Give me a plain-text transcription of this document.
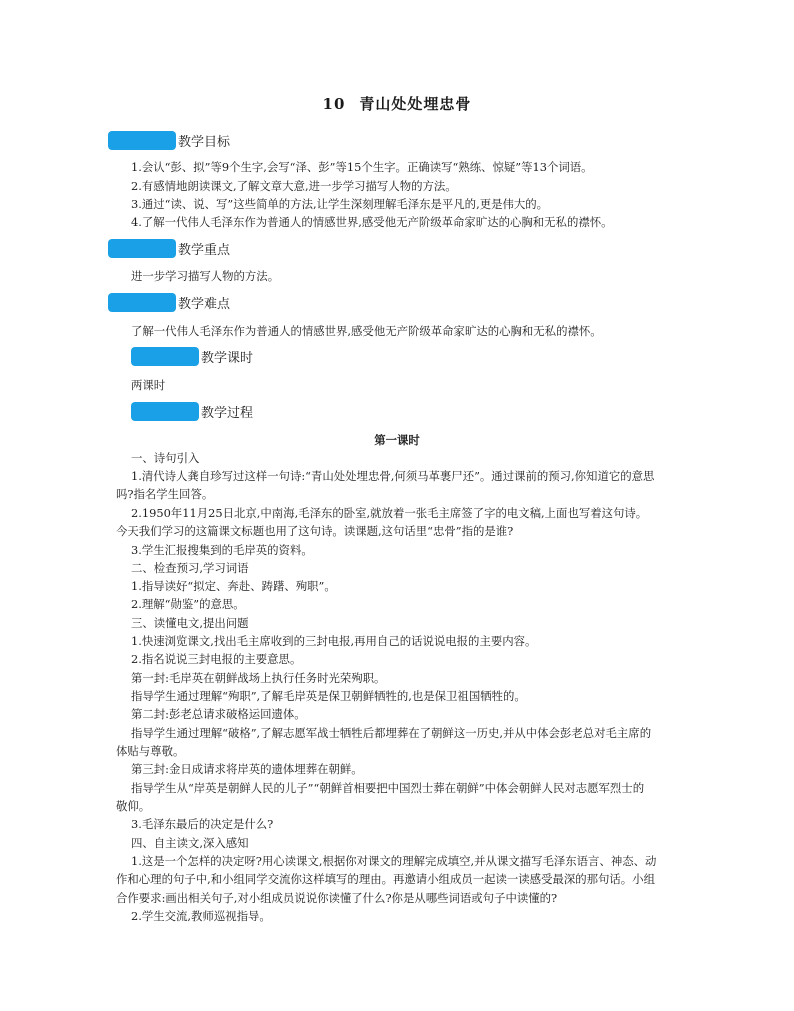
10 青山处处埋忠骨
教学目标
1.会认“彭、拟”等9个生字,会写“泽、彭”等15个生字。正确读写“熟练、惊疑”等13个词语。
2.有感情地朗读课文,了解文章大意,进一步学习描写人物的方法。
3.通过“读、说、写”这些简单的方法,让学生深刻理解毛泽东是平凡的,更是伟大的。
4.了解一代伟人毛泽东作为普通人的情感世界,感受他无产阶级革命家旷达的心胸和无私的襟怀。
教学重点
进一步学习描写人物的方法。
教学难点
了解一代伟人毛泽东作为普通人的情感世界,感受他无产阶级革命家旷达的心胸和无私的襟怀。
教学课时
两课时
教学过程
第一课时
一、诗句引入
1.清代诗人龚自珍写过这样一句诗:“青山处处埋忠骨,何须马革裹尸还”。通过课前的预习,你知道它的意思
吗?指名学生回答。
2.1950年11月25日北京,中南海,毛泽东的卧室,就放着一张毛主席签了字的电文稿,上面也写着这句诗。
今天我们学习的这篇课文标题也用了这句诗。读课题,这句话里“忠骨”指的是谁?
3.学生汇报搜集到的毛岸英的资料。
二、检查预习,学习词语
1.指导读好“拟定、奔赴、踌躇、殉职”。
2.理解“勋鉴”的意思。
三、读懂电文,提出问题
1.快速浏览课文,找出毛主席收到的三封电报,再用自己的话说说电报的主要内容。
2.指名说说三封电报的主要意思。
第一封:毛岸英在朝鲜战场上执行任务时光荣殉职。
指导学生通过理解“殉职”,了解毛岸英是保卫朝鲜牺牲的,也是保卫祖国牺牲的。
第二封:彭老总请求破格运回遗体。
指导学生通过理解“破格”,了解志愿军战士牺牲后都埋葬在了朝鲜这一历史,并从中体会彭老总对毛主席的
体贴与尊敬。
第三封:金日成请求将岸英的遗体埋葬在朝鲜。
指导学生从“岸英是朝鲜人民的儿子”“朝鲜首相要把中国烈士葬在朝鲜”中体会朝鲜人民对志愿军烈士的
敬仰。
3.毛泽东最后的决定是什么?
四、自主读文,深入感知
1.这是一个怎样的决定呀?用心读课文,根据你对课文的理解完成填空,并从课文描写毛泽东语言、神态、动
作和心理的句子中,和小组同学交流你这样填写的理由。再邀请小组成员一起读一读感受最深的那句话。小组
合作要求:画出相关句子,对小组成员说说你读懂了什么?你是从哪些词语或句子中读懂的?
2.学生交流,教师巡视指导。
